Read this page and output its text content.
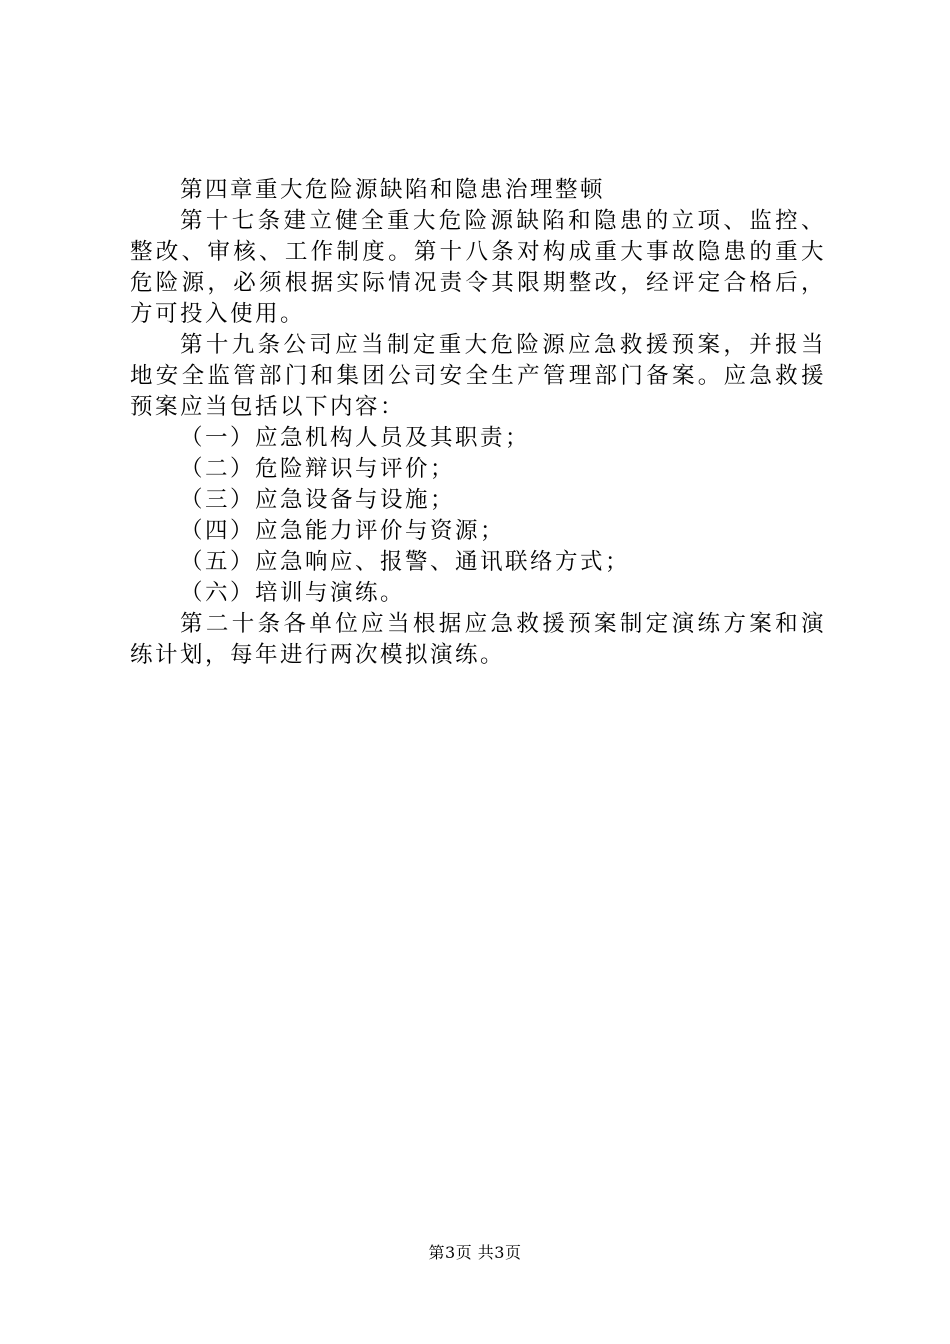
第四章重大危险源缺陷和隐患治理整顿

第十七条建立健全重大危险源缺陷和隐患的立项、监控、整改、审核、工作制度。第十八条对构成重大事故隐患的重大危险源，必须根据实际情况责令其限期整改，经评定合格后，方可投入使用。

第十九条公司应当制定重大危险源应急救援预案，并报当地安全监管部门和集团公司安全生产管理部门备案。应急救援预案应当包括以下内容：

（一）应急机构人员及其职责；

（二）危险辩识与评价；

（三）应急设备与设施；

（四）应急能力评价与资源；

（五）应急响应、报警、通讯联络方式；

（六）培训与演练。

第二十条各单位应当根据应急救援预案制定演练方案和演练计划，每年进行两次模拟演练。

第3页 共3页
